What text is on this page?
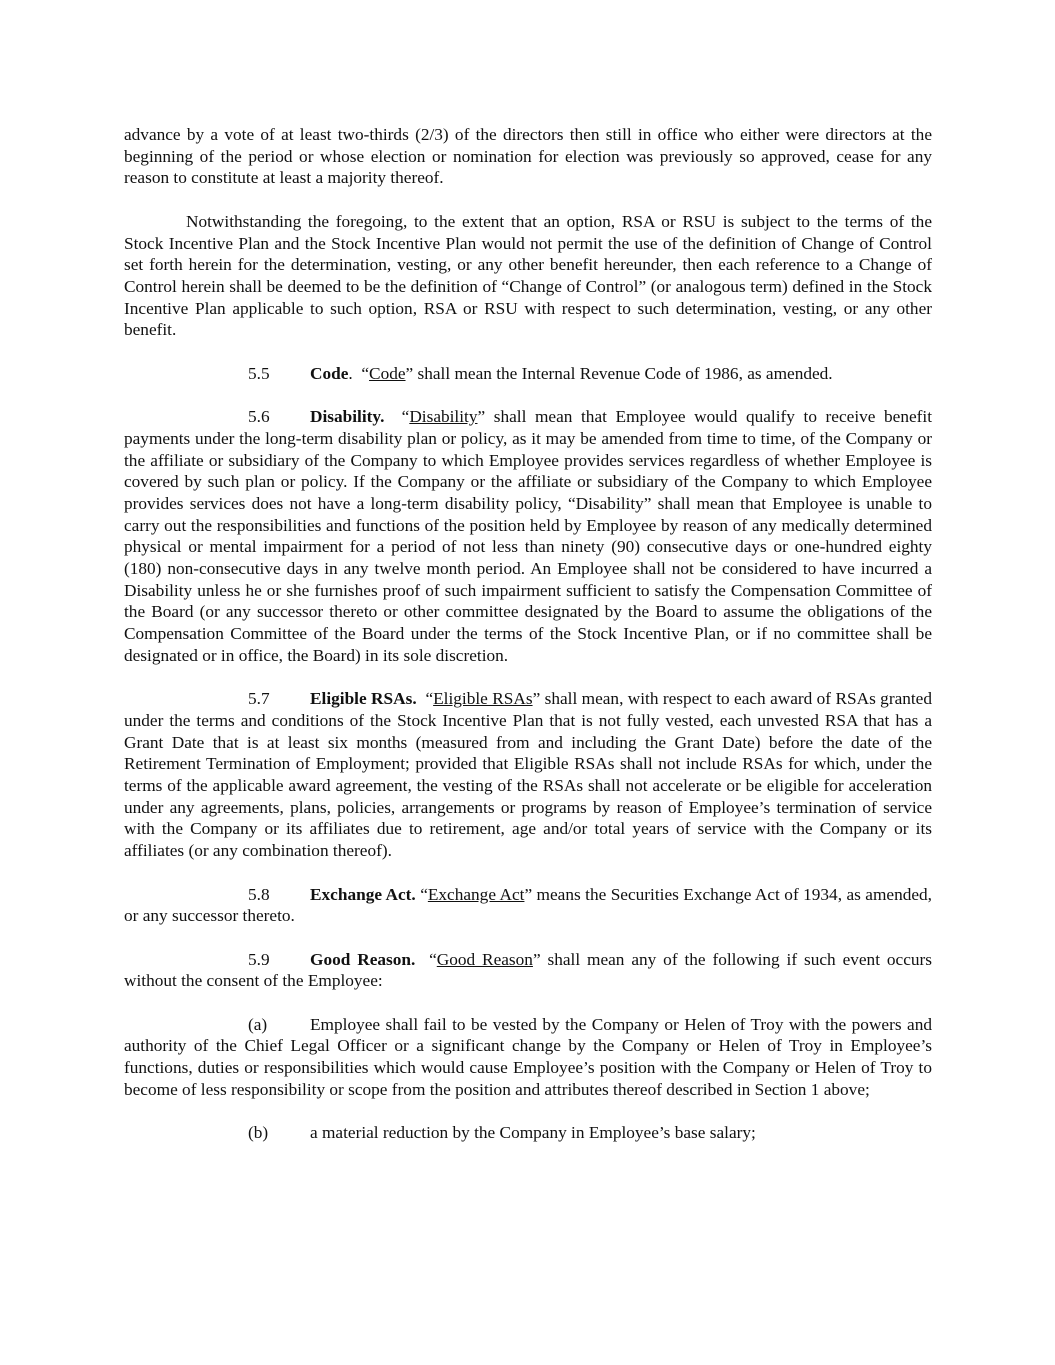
advance by a vote of at least two-thirds (2/3) of the directors then still in office who either were directors at the beginning of the period or whose election or nomination for election was previously so approved, cease for any reason to constitute at least a majority thereof.

Notwithstanding the foregoing, to the extent that an option, RSA or RSU is subject to the terms of the Stock Incentive Plan and the Stock Incentive Plan would not permit the use of the definition of Change of Control set forth herein for the determination, vesting, or any other benefit hereunder, then each reference to a Change of Control herein shall be deemed to be the definition of “Change of Control” (or analogous term) defined in the Stock Incentive Plan applicable to such option, RSA or RSU with respect to such determination, vesting, or any other benefit.

5.5 Code. “Code” shall mean the Internal Revenue Code of 1986, as amended.

5.6 Disability. “Disability” shall mean that Employee would qualify to receive benefit payments under the long-term disability plan or policy, as it may be amended from time to time, of the Company or the affiliate or subsidiary of the Company to which Employee provides services regardless of whether Employee is covered by such plan or policy. If the Company or the affiliate or subsidiary of the Company to which Employee provides services does not have a long-term disability policy, “Disability” shall mean that Employee is unable to carry out the responsibilities and functions of the position held by Employee by reason of any medically determined physical or mental impairment for a period of not less than ninety (90) consecutive days or one-hundred eighty (180) non-consecutive days in any twelve month period. An Employee shall not be considered to have incurred a Disability unless he or she furnishes proof of such impairment sufficient to satisfy the Compensation Committee of the Board (or any successor thereto or other committee designated by the Board to assume the obligations of the Compensation Committee of the Board under the terms of the Stock Incentive Plan, or if no committee shall be designated or in office, the Board) in its sole discretion.

5.7 Eligible RSAs. “Eligible RSAs” shall mean, with respect to each award of RSAs granted under the terms and conditions of the Stock Incentive Plan that is not fully vested, each unvested RSA that has a Grant Date that is at least six months (measured from and including the Grant Date) before the date of the Retirement Termination of Employment; provided that Eligible RSAs shall not include RSAs for which, under the terms of the applicable award agreement, the vesting of the RSAs shall not accelerate or be eligible for acceleration under any agreements, plans, policies, arrangements or programs by reason of Employee’s termination of service with the Company or its affiliates due to retirement, age and/or total years of service with the Company or its affiliates (or any combination thereof).

5.8 Exchange Act. “Exchange Act” means the Securities Exchange Act of 1934, as amended, or any successor thereto.

5.9 Good Reason. “Good Reason” shall mean any of the following if such event occurs without the consent of the Employee:

(a) Employee shall fail to be vested by the Company or Helen of Troy with the powers and authority of the Chief Legal Officer or a significant change by the Company or Helen of Troy in Employee’s functions, duties or responsibilities which would cause Employee’s position with the Company or Helen of Troy to become of less responsibility or scope from the position and attributes thereof described in Section 1 above;

(b) a material reduction by the Company in Employee’s base salary;
